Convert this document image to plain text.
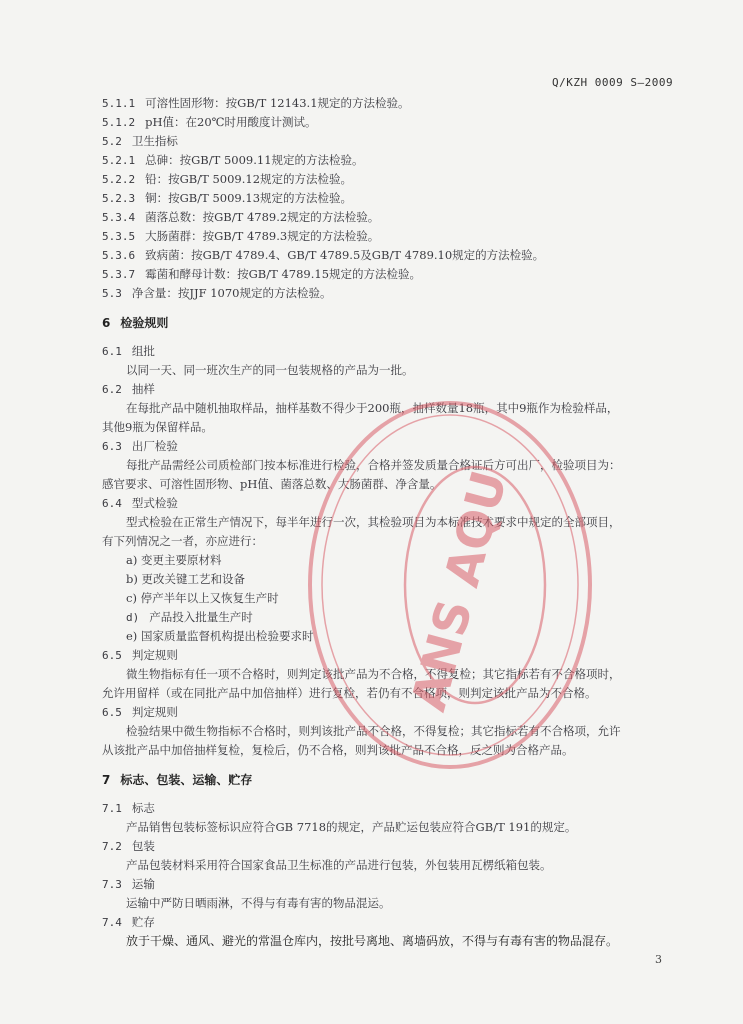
Q/KZH 0009 S—2009
5.1.1 可溶性固形物：按GB/T 12143.1规定的方法检验。
5.1.2 pH值：在20℃时用酸度计测试。
5.2 卫生指标
5.2.1 总砷：按GB/T 5009.11规定的方法检验。
5.2.2 铅：按GB/T 5009.12规定的方法检验。
5.2.3 铜：按GB/T 5009.13规定的方法检验。
5.3.4 菌落总数：按GB/T 4789.2规定的方法检验。
5.3.5 大肠菌群：按GB/T 4789.3规定的方法检验。
5.3.6 致病菌：按GB/T 4789.4、GB/T 4789.5及GB/T 4789.10规定的方法检验。
5.3.7 霉菌和酵母计数：按GB/T 4789.15规定的方法检验。
5.3 净含量：按JJF 1070规定的方法检验。
6 检验规则
6.1 组批
以同一天、同一班次生产的同一包装规格的产品为一批。
6.2 抽样
在每批产品中随机抽取样品，抽样基数不得少于200瓶，抽样数量18瓶，其中9瓶作为检验样品，
其他9瓶为保留样品。
6.3 出厂检验
每批产品需经公司质检部门按本标准进行检验，合格并签发质量合格证后方可出厂，检验项目为：
感官要求、可溶性固形物、pH值、菌落总数、大肠菌群、净含量。
6.4 型式检验
型式检验在正常生产情况下，每半年进行一次，其检验项目为本标准技术要求中规定的全部项目，
有下列情况之一者，亦应进行：
a) 变更主要原材料
b) 更改关键工艺和设备
c) 停产半年以上又恢复生产时
d) 产品投入批量生产时
e) 国家质量监督机构提出检验要求时
6.5 判定规则
微生物指标有任一项不合格时，则判定该批产品为不合格，不得复检；其它指标若有不合格项时，
允许用留样（或在同批产品中加倍抽样）进行复检，若仍有不合格项，则判定该批产品为不合格。
6.5 判定规则
检验结果中微生物指标不合格时，则判该批产品不合格，不得复检；其它指标若有不合格项，允许
从该批产品中加倍抽样复检，复检后，仍不合格，则判该批产品不合格，反之则为合格产品。
7 标志、包装、运输、贮存
7.1 标志
产品销售包装标签标识应符合GB 7718的规定，产品贮运包装应符合GB/T 191的规定。
7.2 包装
产品包装材料采用符合国家食品卫生标准的产品进行包装，外包装用瓦楞纸箱包装。
7.3 运输
运输中严防日晒雨淋，不得与有毒有害的物品混运。
7.4 贮存
放于干燥、通风、避光的常温仓库内，按批号离地、离墙码放，不得与有毒有害的物品混存。
ANS AQU
3
